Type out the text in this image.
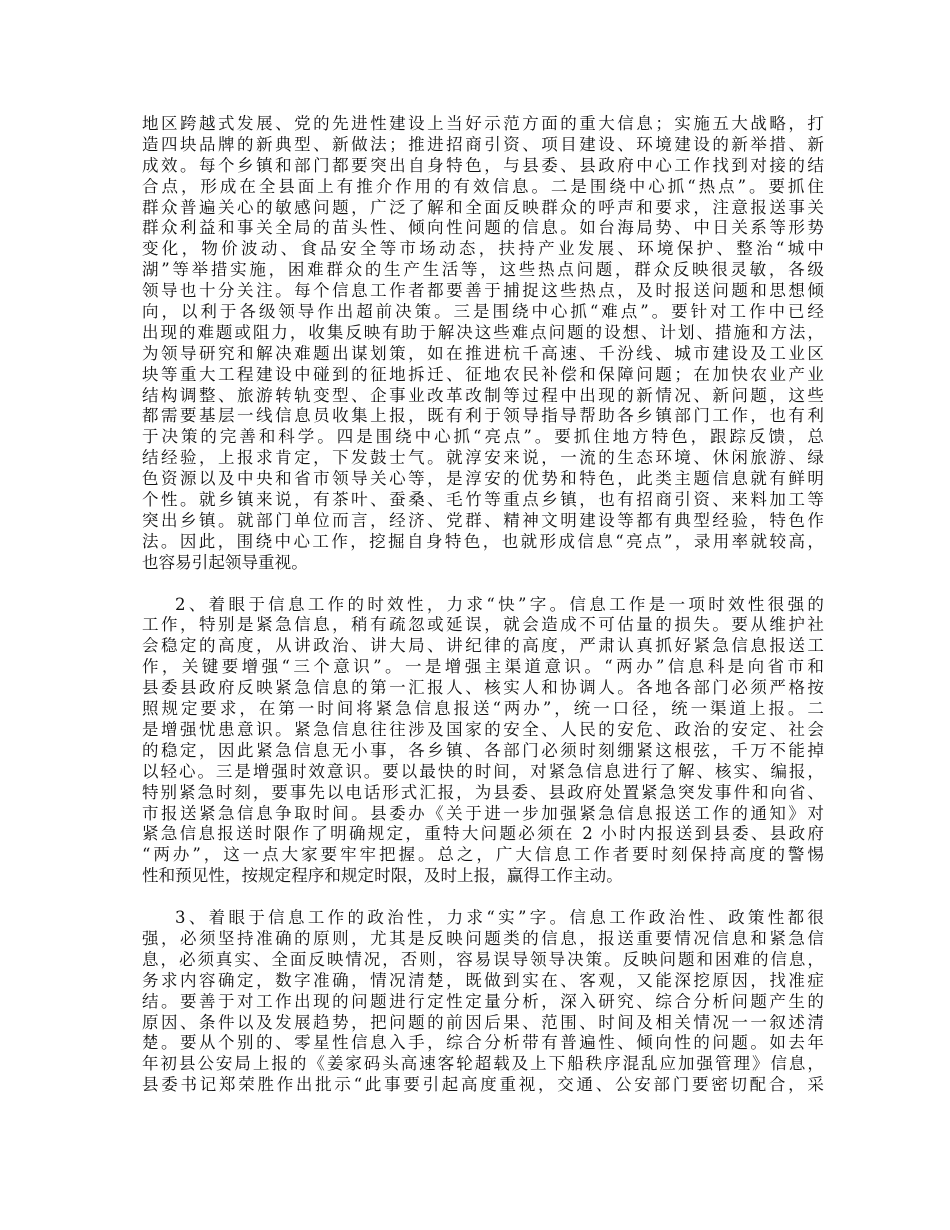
地区跨越式发展、党的先进性建设上当好示范方面的重大信息；实施五大战略，打
造四块品牌的新典型、新做法；推进招商引资、项目建设、环境建设的新举措、新
成效。每个乡镇和部门都要突出自身特色，与县委、县政府中心工作找到对接的结
合点，形成在全县面上有推介作用的有效信息。二是围绕中心抓“热点”。要抓住
群众普遍关心的敏感问题，广泛了解和全面反映群众的呼声和要求，注意报送事关
群众利益和事关全局的苗头性、倾向性问题的信息。如台海局势、中日关系等形势
变化，物价波动、食品安全等市场动态，扶持产业发展、环境保护、整治“城中
湖”等举措实施，困难群众的生产生活等，这些热点问题，群众反映很灵敏，各级
领导也十分关注。每个信息工作者都要善于捕捉这些热点，及时报送问题和思想倾
向，以利于各级领导作出超前决策。三是围绕中心抓“难点”。要针对工作中已经
出现的难题或阻力，收集反映有助于解决这些难点问题的设想、计划、措施和方法，
为领导研究和解决难题出谋划策，如在推进杭千高速、千汾线、城市建设及工业区
块等重大工程建设中碰到的征地拆迁、征地农民补偿和保障问题；在加快农业产业
结构调整、旅游转轨变型、企事业改革改制等过程中出现的新情况、新问题，这些
都需要基层一线信息员收集上报，既有利于领导指导帮助各乡镇部门工作，也有利
于决策的完善和科学。四是围绕中心抓“亮点”。要抓住地方特色，跟踪反馈，总
结经验，上报求肯定，下发鼓士气。就淳安来说，一流的生态环境、休闲旅游、绿
色资源以及中央和省市领导关心等，是淳安的优势和特色，此类主题信息就有鲜明
个性。就乡镇来说，有茶叶、蚕桑、毛竹等重点乡镇，也有招商引资、来料加工等
突出乡镇。就部门单位而言，经济、党群、精神文明建设等都有典型经验，特色作
法。因此，围绕中心工作，挖掘自身特色，也就形成信息“亮点”，录用率就较高，
也容易引起领导重视。
2、着眼于信息工作的时效性，力求“快”字。信息工作是一项时效性很强的
工作，特别是紧急信息，稍有疏忽或延误，就会造成不可估量的损失。要从维护社
会稳定的高度，从讲政治、讲大局、讲纪律的高度，严肃认真抓好紧急信息报送工
作，关键要增强“三个意识”。一是增强主渠道意识。“两办”信息科是向省市和
县委县政府反映紧急信息的第一汇报人、核实人和协调人。各地各部门必须严格按
照规定要求，在第一时间将紧急信息报送“两办”，统一口径，统一渠道上报。二
是增强忧患意识。紧急信息往往涉及国家的安全、人民的安危、政治的安定、社会
的稳定，因此紧急信息无小事，各乡镇、各部门必须时刻绷紧这根弦，千万不能掉
以轻心。三是增强时效意识。要以最快的时间，对紧急信息进行了解、核实、编报，
特别紧急时刻，要事先以电话形式汇报，为县委、县政府处置紧急突发事件和向省、
市报送紧急信息争取时间。县委办《关于进一步加强紧急信息报送工作的通知》对
紧急信息报送时限作了明确规定，重特大问题必须在 2 小时内报送到县委、县政府
“两办”，这一点大家要牢牢把握。总之，广大信息工作者要时刻保持高度的警惕
性和预见性，按规定程序和规定时限，及时上报，赢得工作主动。
3、着眼于信息工作的政治性，力求“实”字。信息工作政治性、政策性都很
强，必须坚持准确的原则，尤其是反映问题类的信息，报送重要情况信息和紧急信
息，必须真实、全面反映情况，否则，容易误导领导决策。反映问题和困难的信息，
务求内容确定，数字准确，情况清楚，既做到实在、客观，又能深挖原因，找准症
结。要善于对工作出现的问题进行定性定量分析，深入研究、综合分析问题产生的
原因、条件以及发展趋势，把问题的前因后果、范围、时间及相关情况一一叙述清
楚。要从个别的、零星性信息入手，综合分析带有普遍性、倾向性的问题。如去年
年初县公安局上报的《姜家码头高速客轮超载及上下船秩序混乱应加强管理》信息，
县委书记郑荣胜作出批示“此事要引起高度重视，交通、公安部门要密切配合，采
